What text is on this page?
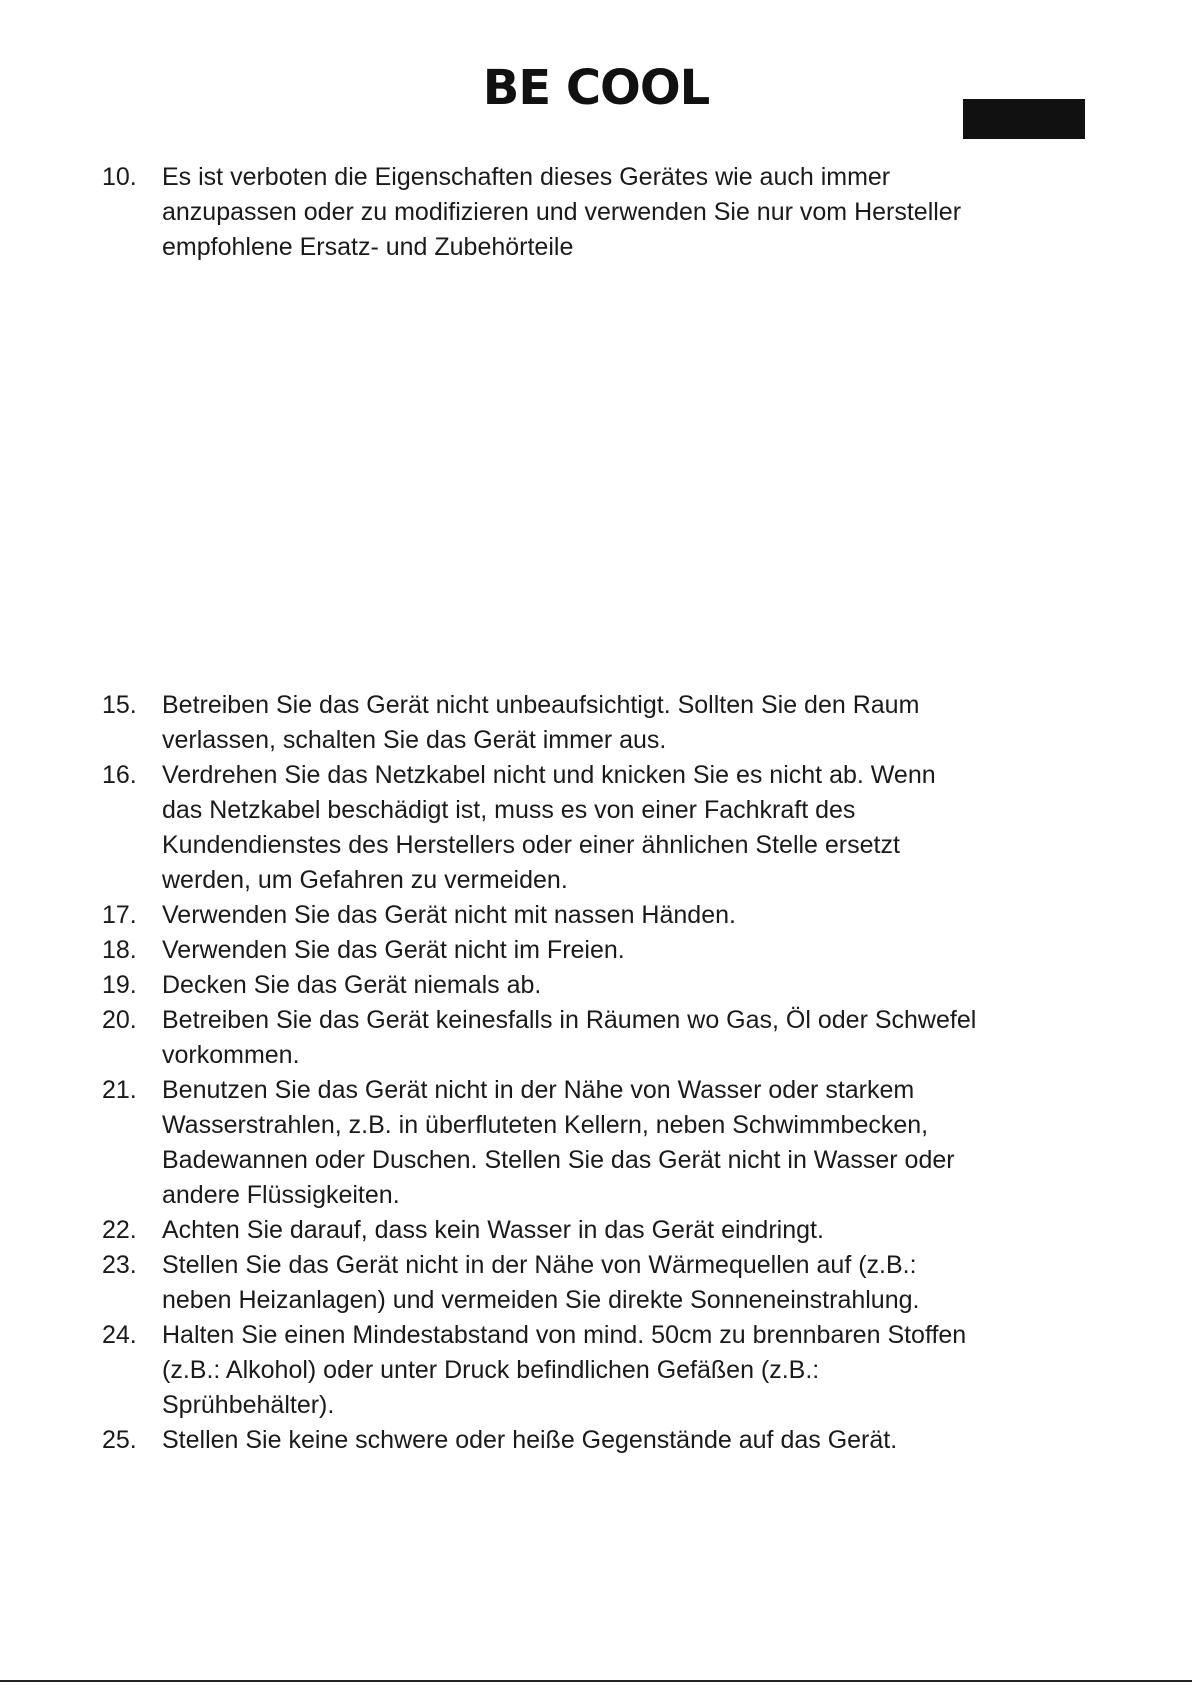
BE COOL
10. Es ist verboten die Eigenschaften dieses Gerätes wie auch immer
anzupassen oder zu modifizieren und verwenden Sie nur vom Hersteller
empfohlene Ersatz- und Zubehörteile
15. Betreiben Sie das Gerät nicht unbeaufsichtigt. Sollten Sie den Raum
verlassen, schalten Sie das Gerät immer aus.
16. Verdrehen Sie das Netzkabel nicht und knicken Sie es nicht ab. Wenn
das Netzkabel beschädigt ist, muss es von einer Fachkraft des
Kundendienstes des Herstellers oder einer ähnlichen Stelle ersetzt
werden, um Gefahren zu vermeiden.
17. Verwenden Sie das Gerät nicht mit nassen Händen.
18. Verwenden Sie das Gerät nicht im Freien.
19. Decken Sie das Gerät niemals ab.
20. Betreiben Sie das Gerät keinesfalls in Räumen wo Gas, Öl oder Schwefel
vorkommen.
21. Benutzen Sie das Gerät nicht in der Nähe von Wasser oder starkem
Wasserstrahlen, z.B. in überfluteten Kellern, neben Schwimmbecken,
Badewannen oder Duschen. Stellen Sie das Gerät nicht in Wasser oder
andere Flüssigkeiten.
22. Achten Sie darauf, dass kein Wasser in das Gerät eindringt.
23. Stellen Sie das Gerät nicht in der Nähe von Wärmequellen auf (z.B.:
neben Heizanlagen) und vermeiden Sie direkte Sonneneinstrahlung.
24. Halten Sie einen Mindestabstand von mind. 50cm zu brennbaren Stoffen
(z.B.: Alkohol) oder unter Druck befindlichen Gefäßen (z.B.:
Sprühbehälter).
25. Stellen Sie keine schwere oder heiße Gegenstände auf das Gerät.
